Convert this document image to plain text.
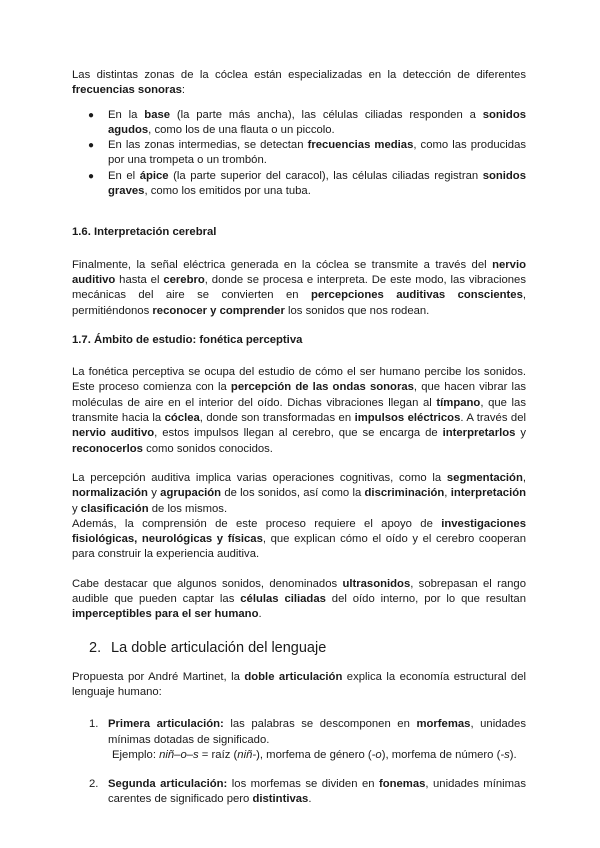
Las distintas zonas de la cóclea están especializadas en la detección de diferentes frecuencias sonoras:

● En la base (la parte más ancha), las células ciliadas responden a sonidos agudos, como los de una flauta o un piccolo.
● En las zonas intermedias, se detectan frecuencias medias, como las producidas por una trompeta o un trombón.
● En el ápice (la parte superior del caracol), las células ciliadas registran sonidos graves, como los emitidos por una tuba.
1.6. Interpretación cerebral

Finalmente, la señal eléctrica generada en la cóclea se transmite a través del nervio auditivo hasta el cerebro, donde se procesa e interpreta. De este modo, las vibraciones mecánicas del aire se convierten en percepciones auditivas conscientes, permitiéndonos reconocer y comprender los sonidos que nos rodean.

1.7. Ámbito de estudio: fonética perceptiva

La fonética perceptiva se ocupa del estudio de cómo el ser humano percibe los sonidos. Este proceso comienza con la percepción de las ondas sonoras, que hacen vibrar las moléculas de aire en el interior del oído. Dichas vibraciones llegan al tímpano, que las transmite hacia la cóclea, donde son transformadas en impulsos eléctricos. A través del nervio auditivo, estos impulsos llegan al cerebro, que se encarga de interpretarlos y reconocerlos como sonidos conocidos.

La percepción auditiva implica varias operaciones cognitivas, como la segmentación, normalización y agrupación de los sonidos, así como la discriminación, interpretación y clasificación de los mismos.

Además, la comprensión de este proceso requiere el apoyo de investigaciones fisiológicas, neurológicas y físicas, que explican cómo el oído y el cerebro cooperan para construir la experiencia auditiva.

Cabe destacar que algunos sonidos, denominados ultrasonidos, sobrepasan el rango audible que pueden captar las células ciliadas del oído interno, por lo que resultan imperceptibles para el ser humano.

2. La doble articulación del lenguaje

Propuesta por André Martinet, la doble articulación explica la economía estructural del lenguaje humano:

1. Primera articulación: las palabras se descomponen en morfemas, unidades mínimas dotadas de significado.
Ejemplo: niñ–o–s = raíz (niñ-), morfema de género (-o), morfema de número (-s).
2. Segunda articulación: los morfemas se dividen en fonemas, unidades mínimas carentes de significado pero distintivas.
